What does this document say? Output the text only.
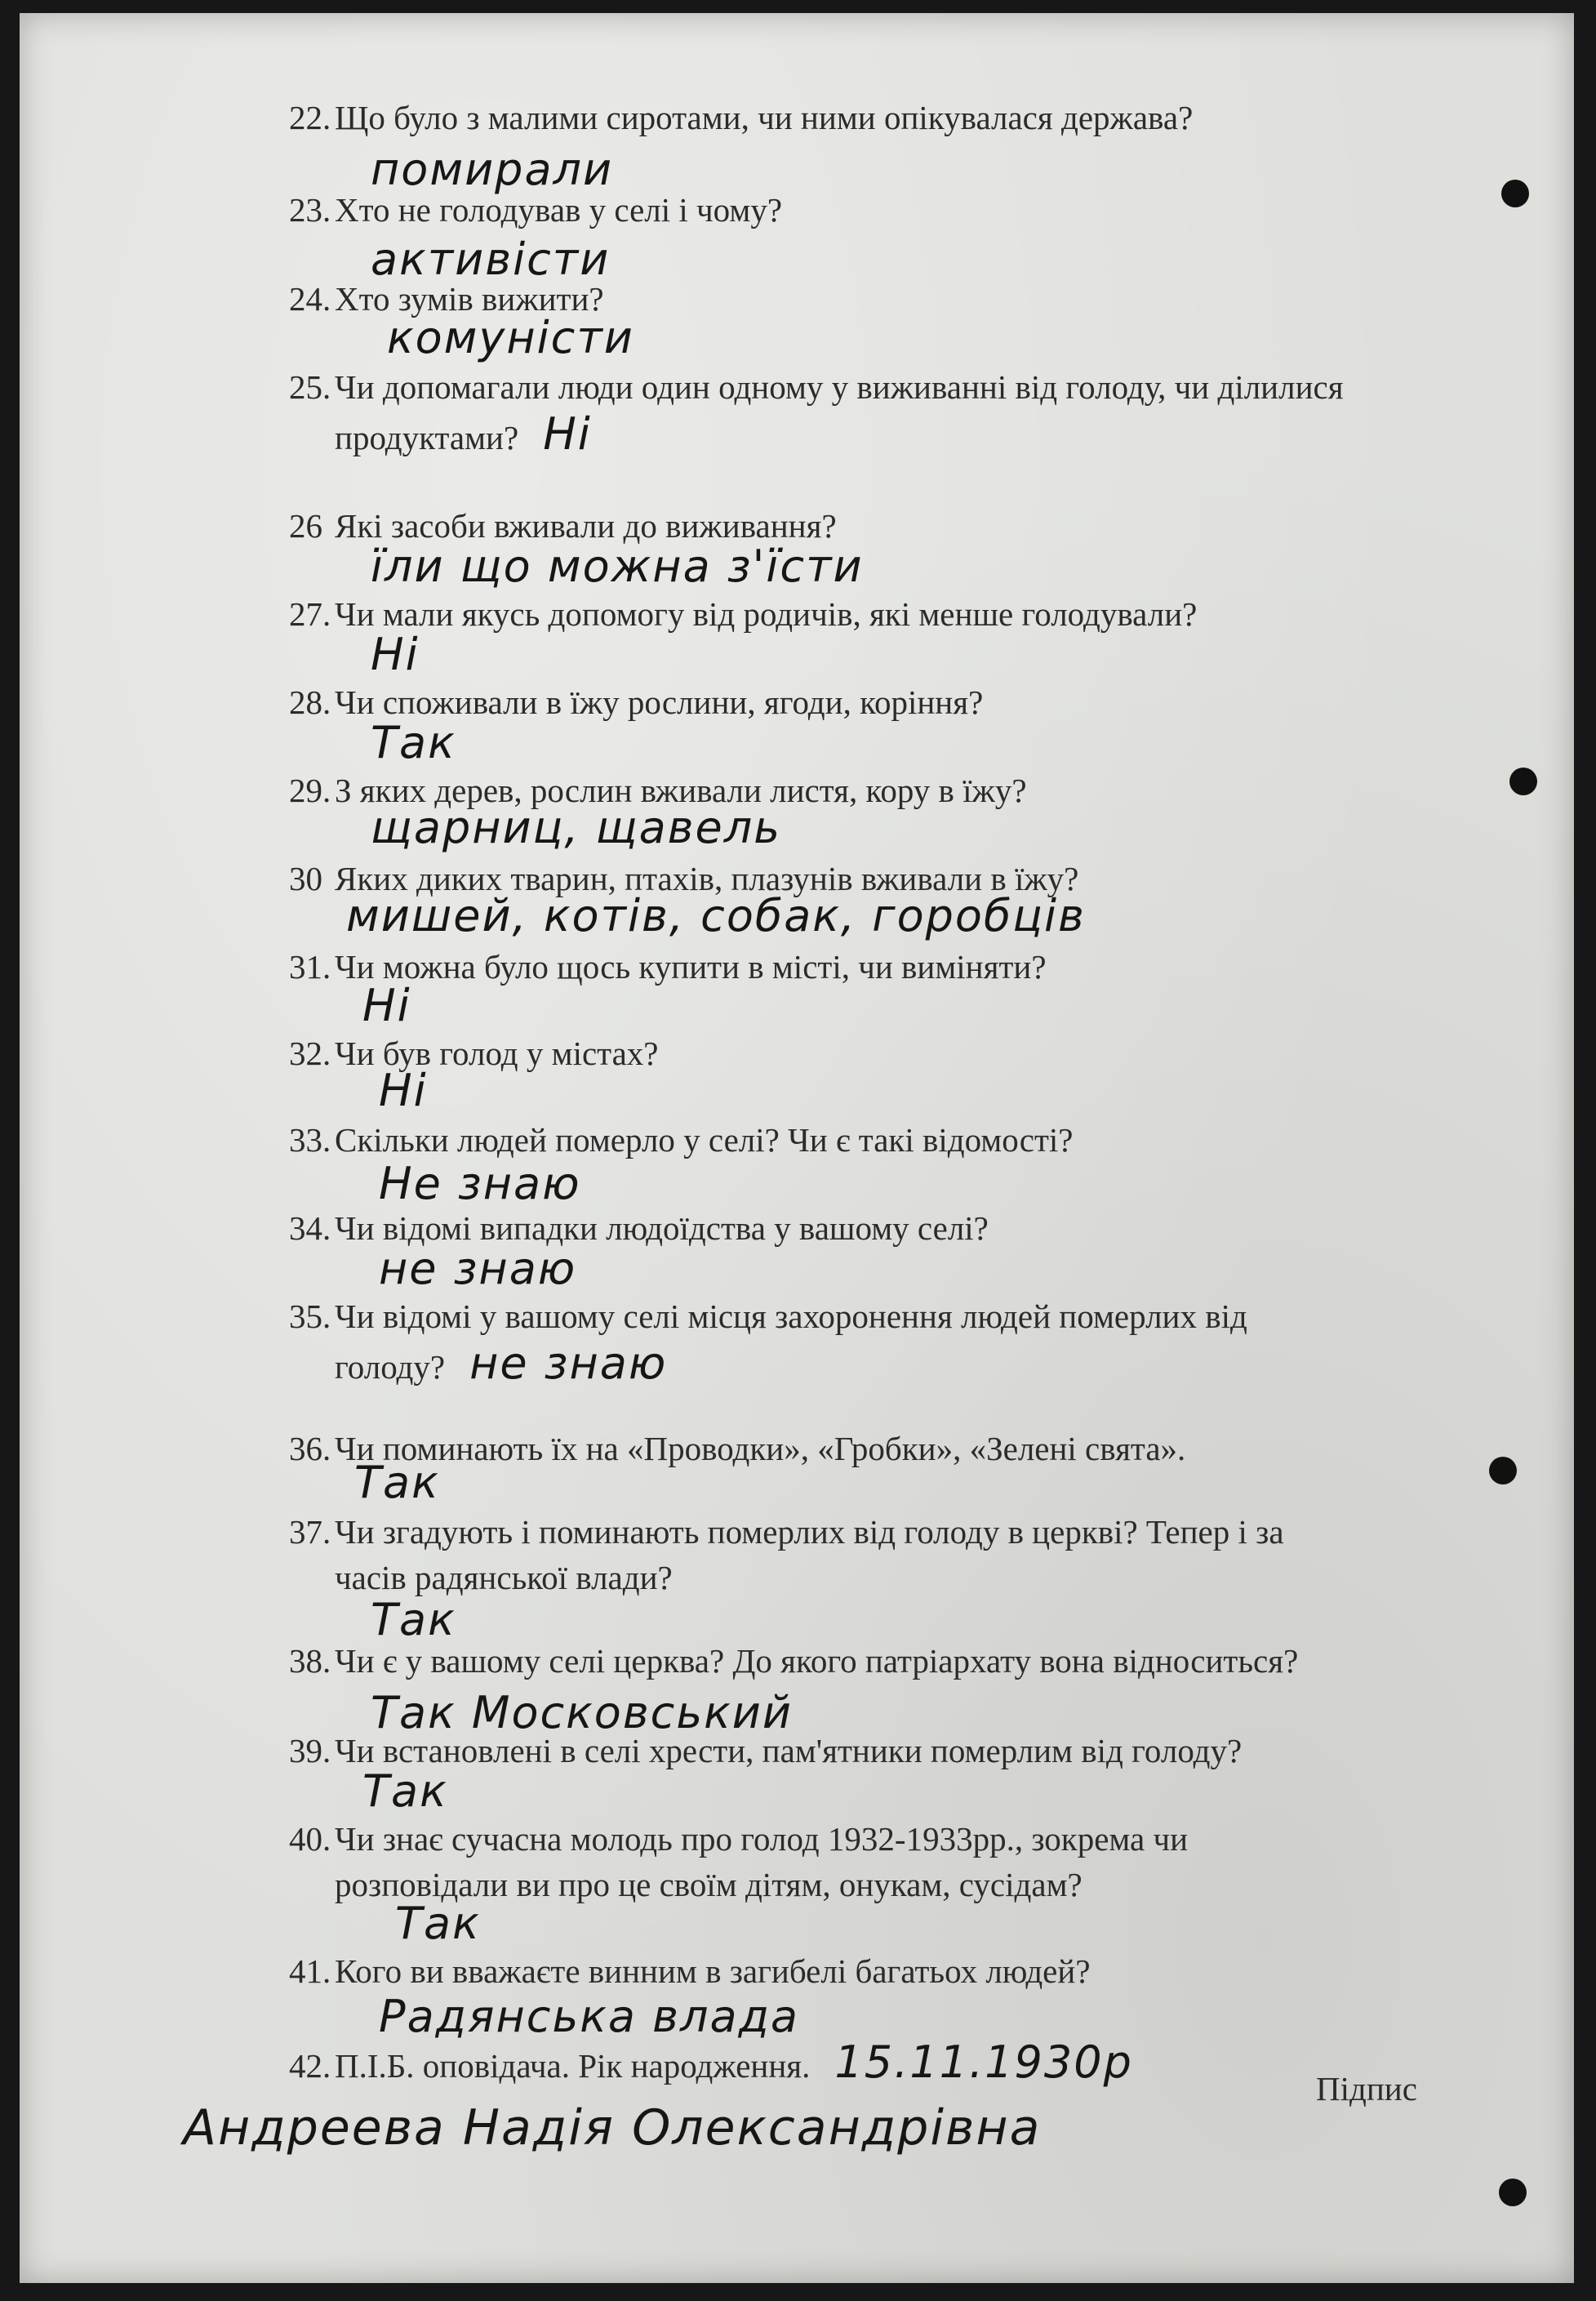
22. Що було з малими сиротами, чи ними опікувалася держава?
помирали
23. Хто не голодував у селі і чому?
активісти
24. Хто зумів вижити?
комуністи
25. Чи допомагали люди один одному у виживанні від голоду, чи ділилися
продуктами? Ні
26 Які засоби вживали до виживання?
їли що можна з'їсти
27. Чи мали якусь допомогу від родичів, які менше голодували?
Ні
28. Чи споживали в їжу рослини, ягоди, коріння?
Так
29. З яких дерев, рослин вживали листя, кору в їжу?
щарниц, щавель
30 Яких диких тварин, птахів, плазунів вживали в їжу?
мишей, котів, собак, горобців
31. Чи можна було щось купити в місті, чи виміняти?
Ні
32. Чи був голод у містах?
Ні
33. Скільки людей померло у селі? Чи є такі відомості?
Не знаю
34. Чи відомі випадки людоїдства у вашому селі?
не знаю
35. Чи відомі у вашому селі місця захоронення людей померлих від
голоду? не знаю
36. Чи поминають їх на «Проводки», «Гробки», «Зелені свята».
Так
37. Чи згадують і поминають померлих від голоду в церкві? Тепер і за
часів радянської влади?
Так
38. Чи є у вашому селі церква? До якого патріархату вона відноситься?
Так Московський
39. Чи встановлені в селі хрести, пам'ятники померлим від голоду?
Так
40. Чи знає сучасна молодь про голод 1932-1933рр., зокрема чи
розповідали ви про це своїм дітям, онукам, сусідам?
Так
41. Кого ви вважаєте винним в загибелі багатьох людей?
Радянська влада
42. П.І.Б. оповідача. Рік народження. 15.11.1930р
Андреева Надія Олександрівна
Підпис
